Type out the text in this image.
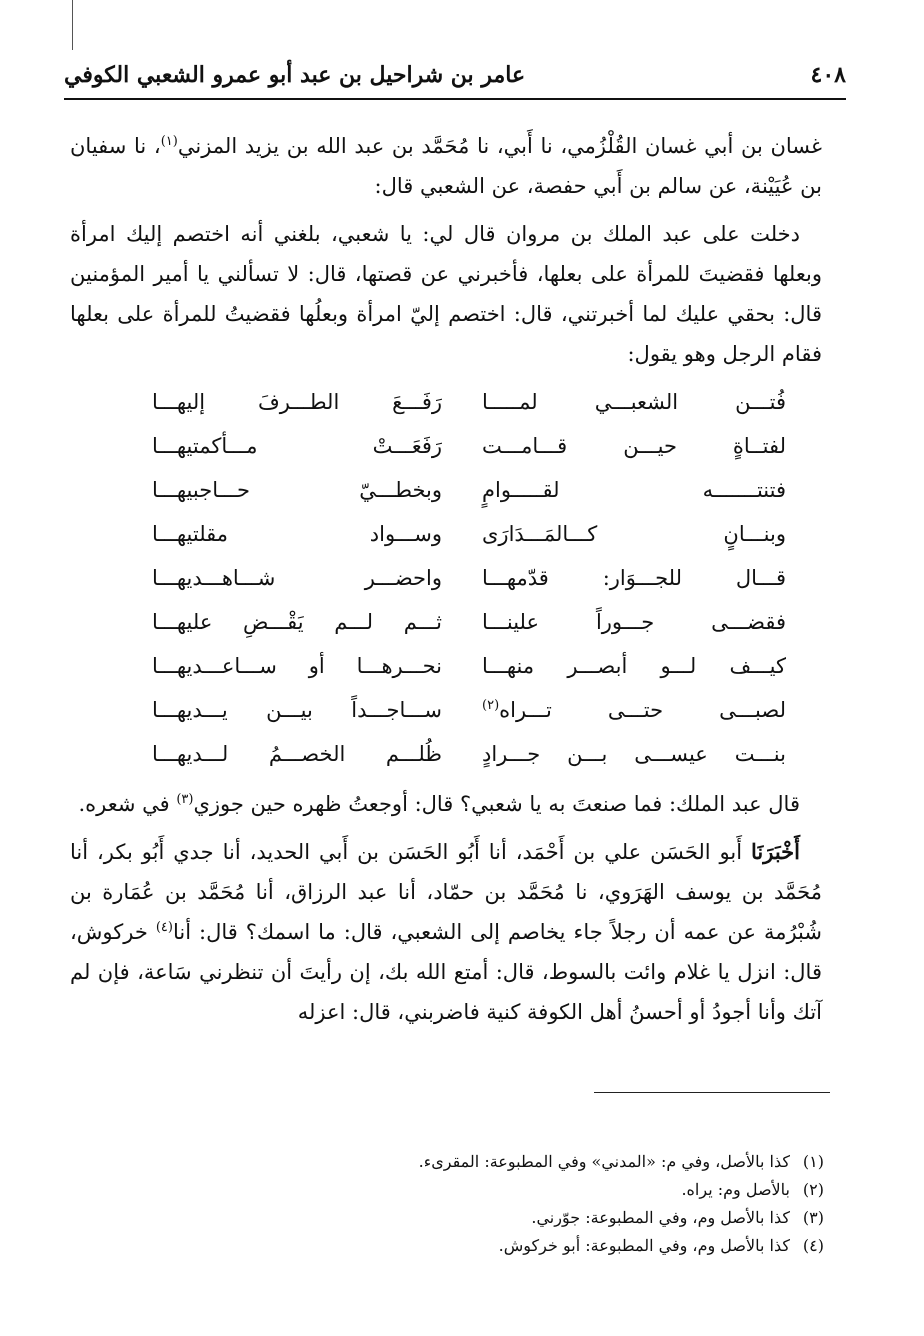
٤٠٨
عامر بن شراحيل بن عبد أبو عمرو الشعبي الكوفي

غسان بن أبي غسان القُلْزُمي، نا أَبي، نا مُحَمَّد بن عبد الله بن يزيد المزني$^{(١)}$، نا سفيان بن عُيَيْنة، عن سالم بن أَبي حفصة، عن الشعبي قال:

دخلت على عبد الملك بن مروان قال لي: يا شعبي، بلغني أنه اختصم إليك امرأة وبعلها فقضيتَ للمرأة على بعلها، فأخبرني عن قصتها، قال: لا تسألني يا أمير المؤمنين قال: بحقي عليك لما أخبرتني، قال: اختصم إليّ امرأة وبعلُها فقضيتُ للمرأة على بعلها فقام الرجل وهو يقول:

فُتـــن الشعبـــي لمـــــا
رَفَـــعَ الطـــرفَ إليهـــا
لفتــاةٍ حيـــن قـــامـــت
رَفَعَـــتْ مـــأكمتيهـــا
فتنتـــــــه لقـــــوامٍ
وبخطـــيّ حـــاجبيهـــا
وبنـــانٍ كـــالمَـــدَارَى
وســـواد مقلتيهـــا
قـــال للجـــوَار: قدّمهـــا
واحضـــر شـــاهـــديهـــا
فقضـــى جـــوراً علينـــا
ثـــم لـــم يَقْـــضِ عليهـــا
كيـــف لـــو أبصـــر منهـــا
نحـــرهـــا أو ســـاعـــديهـــا
لصبـــى حتـــى تـــراه$^{(٢)}$
ســـاجـــداً بيـــن يـــديهـــا
بنـــت عيســـى بـــن جـــرادٍ
ظُلـــم الخصـــمُ لـــديهـــا

قال عبد الملك: فما صنعتَ به يا شعبي؟ قال: أوجعتُ ظهره حين جوزي$^{(٣)}$ في شعره.

أَخْبَرَنَا أَبو الحَسَن علي بن أَحْمَد، أنا أَبُو الحَسَن بن أَبي الحديد، أنا جدي أَبُو بكر، أنا مُحَمَّد بن يوسف الهَرَوي، نا مُحَمَّد بن حمّاد، أنا عبد الرزاق، أنا مُحَمَّد بن عُمَارة بن شُبْرُمة عن عمه أن رجلاً جاء يخاصم إلى الشعبي، قال: ما اسمك؟ قال: أنا$^{(٤)}$ خركوش، قال: انزل يا غلام وائت بالسوط، قال: أمتع الله بك، إن رأيتَ أن تنظرني سَاعة، فإن لم آتك وأنا أجودُ أو أحسنُ أهل الكوفة كنية فاضربني، قال: اعزله

(١)كذا بالأصل، وفي م: «المدني» وفي المطبوعة: المقرىء.
(٢)بالأصل وم: يراه.
(٣)كذا بالأصل وم، وفي المطبوعة: جوّرني.
(٤)كذا بالأصل وم، وفي المطبوعة: أبو خركوش.
